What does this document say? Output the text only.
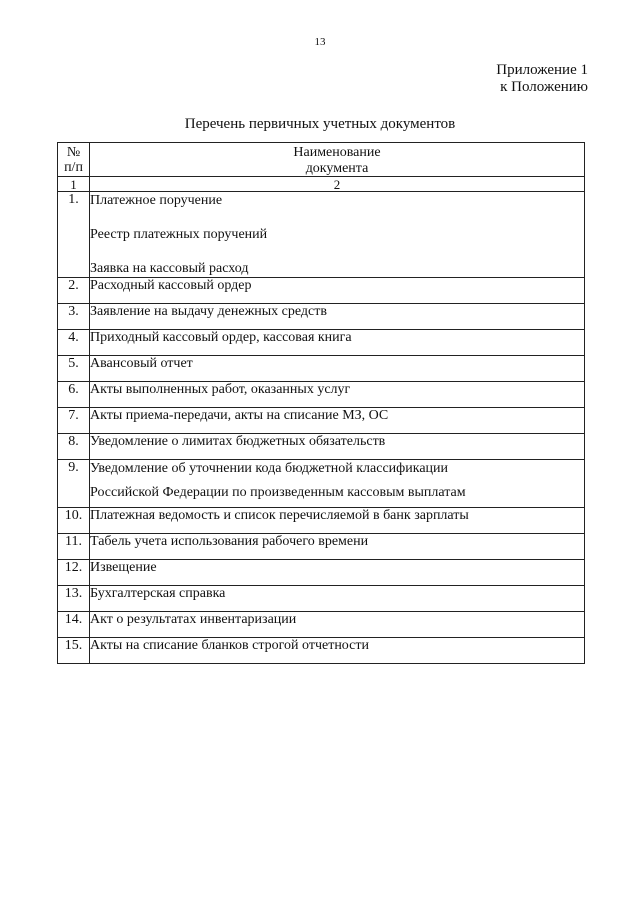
13
Приложение 1
к Положению
Перечень первичных учетных документов
№
п/п	Наименование
документа

1	2
1.	Платежное поручение
Реестр платежных поручений
Заявка на кассовый расход

2.	Расходный кассовый ордер
3.	Заявление на выдачу денежных средств
4.	Приходный кассовый ордер, кассовая книга
5.	Авансовый отчет
6.	Акты выполненных работ, оказанных услуг
7.	Акты приема-передачи, акты на списание МЗ, ОС
8.	Уведомление о лимитах бюджетных обязательств
9.	Уведомление об уточнении кода бюджетной классификации
Российской Федерации по произведенным кассовым выплатам

10.	Платежная ведомость и список перечисляемой в банк зарплаты
11.	Табель учета использования рабочего времени
12.	Извещение
13.	Бухгалтерская справка
14.	Акт о результатах инвентаризации
15.	Акты на списание бланков строгой отчетности
